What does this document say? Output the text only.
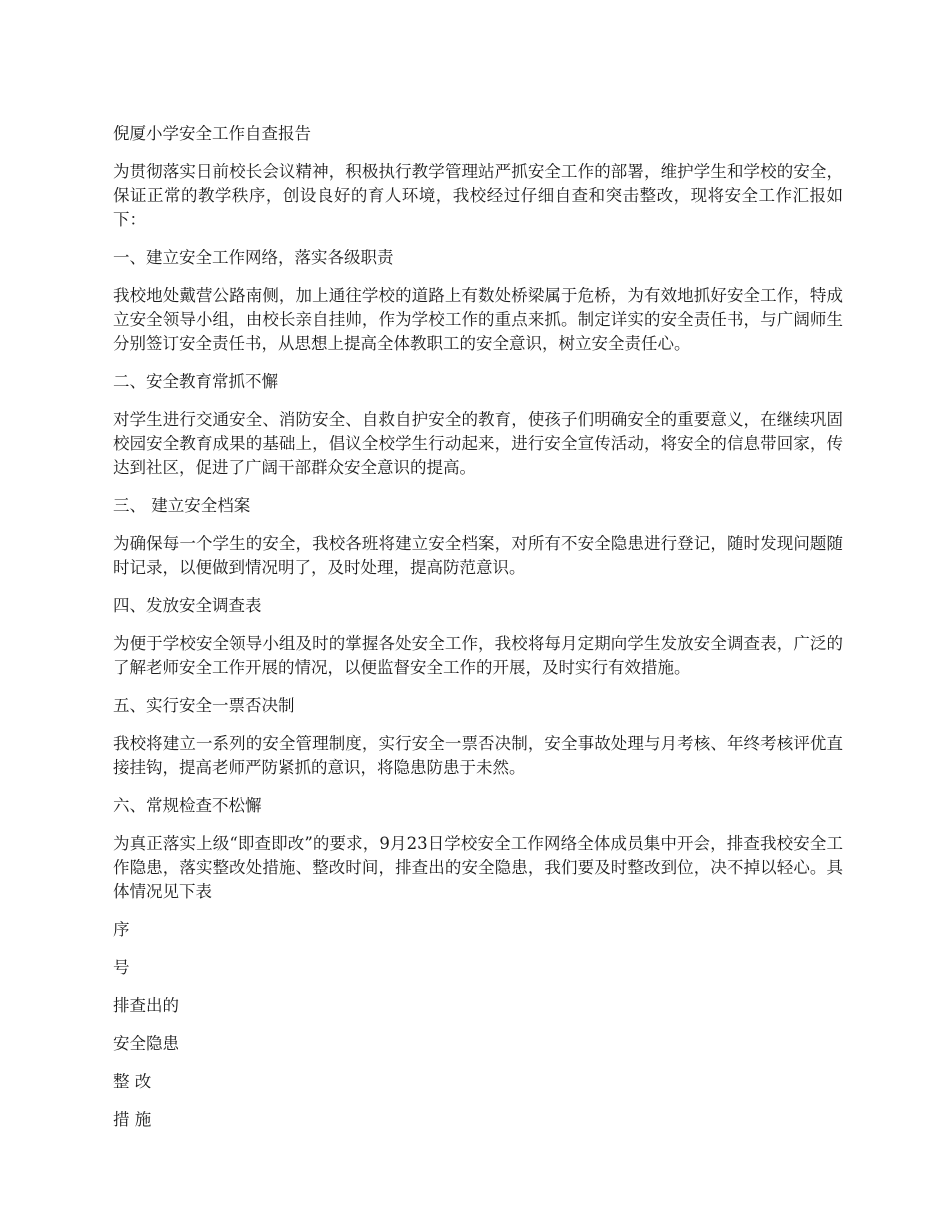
倪厦小学安全工作自查报告

为贯彻落实日前校长会议精神，积极执行教学管理站严抓安全工作的部署，维护学生和学校的安全，保证正常的教学秩序，创设良好的育人环境，我校经过仔细自查和突击整改，现将安全工作汇报如下：

一、建立安全工作网络，落实各级职责

我校地处戴营公路南侧，加上通往学校的道路上有数处桥梁属于危桥，为有效地抓好安全工作，特成立安全领导小组，由校长亲自挂帅，作为学校工作的重点来抓。制定详实的安全责任书，与广阔师生分别签订安全责任书，从思想上提高全体教职工的安全意识，树立安全责任心。

二、安全教育常抓不懈

对学生进行交通安全、消防安全、自救自护安全的教育，使孩子们明确安全的重要意义，在继续巩固校园安全教育成果的基础上，倡议全校学生行动起来，进行安全宣传活动，将安全的信息带回家，传达到社区，促进了广阔干部群众安全意识的提高。

三、 建立安全档案

为确保每一个学生的安全，我校各班将建立安全档案，对所有不安全隐患进行登记，随时发现问题随时记录，以便做到情况明了，及时处理，提高防范意识。

四、发放安全调查表

为便于学校安全领导小组及时的掌握各处安全工作，我校将每月定期向学生发放安全调查表，广泛的了解老师安全工作开展的情况，以便监督安全工作的开展，及时实行有效措施。

五、实行安全一票否决制

我校将建立一系列的安全管理制度，实行安全一票否决制，安全事故处理与月考核、年终考核评优直接挂钩，提高老师严防紧抓的意识，将隐患防患于未然。

六、常规检查不松懈

为真正落实上级“即查即改”的要求，9月23日学校安全工作网络全体成员集中开会，排查我校安全工作隐患，落实整改处措施、整改时间，排查出的安全隐患，我们要及时整改到位，决不掉以轻心。具体情况见下表

序

号

排查出的

安全隐患

整 改

措 施
